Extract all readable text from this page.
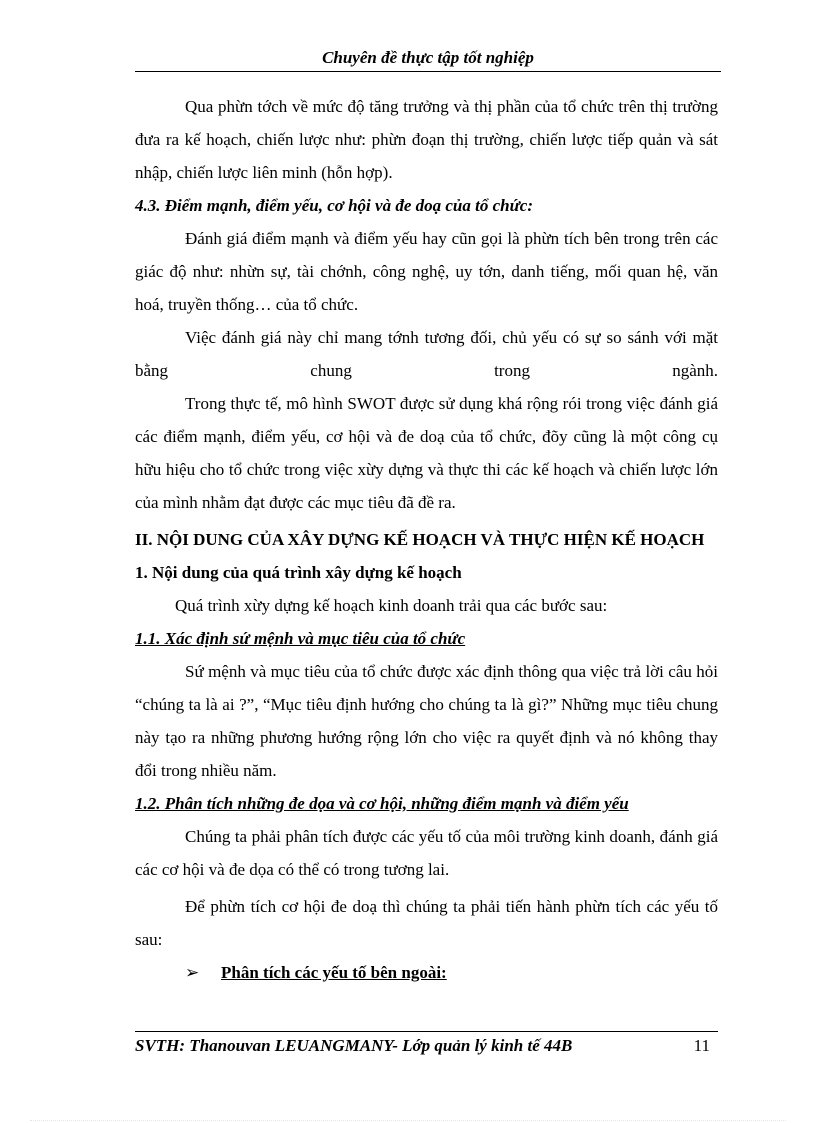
Chuyên đề thực tập tốt nghiệp

Qua phừn tớch về mức độ tăng trưởng và thị phần của tổ chức trên thị trường đưa ra kế hoạch, chiến lược như: phừn đoạn thị trường, chiến lược tiếp quản và sát nhập, chiến lược liên minh (hỗn hợp).

4.3. Điểm mạnh, điểm yếu, cơ hội và đe doạ của tổ chức:

Đánh giá điểm mạnh và điểm yếu hay cũn gọi là phừn tích bên trong trên các giác độ như: nhừn sự, tài chớnh, công nghệ, uy tớn, danh tiếng, mối quan hệ, văn hoá, truyền thống… của tổ chức.

Việc đánh giá này chỉ mang tớnh tương đối, chủ yếu có sự so sánh với mặt bằng chung trong ngành.

Trong thực tế, mô hình SWOT được sử dụng khá rộng rói trong việc đánh giá các điểm mạnh, điểm yếu, cơ hội và đe doạ của tổ chức, đõy cũng là một công cụ hữu hiệu cho tổ chức trong việc xừy dựng và thực thi các kế hoạch và chiến lược lớn của mình nhằm đạt được các mục tiêu đã đề ra.

II. NỘI DUNG CỦA XÂY DỰNG KẾ HOẠCH VÀ THỰC HIỆN KẾ HOẠCH

1. Nội dung của quá trình xây dựng kế hoạch

Quá trình xừy dựng kế hoạch kinh doanh trải qua các bước sau:

1.1. Xác định sứ mệnh và mục tiêu của tổ chức

Sứ mệnh và mục tiêu của tổ chức được xác định thông qua việc trả lời câu hỏi “chúng ta là ai ?”, “Mục tiêu định hướng cho chúng ta là gì?” Những mục tiêu chung này tạo ra những phương hướng rộng lớn cho việc ra quyết định và nó không thay đổi trong nhiều năm.

1.2. Phân tích những đe dọa và cơ hội, những điểm mạnh và điểm yếu

Chúng ta phải phân tích được các yếu tố của môi trường kinh doanh, đánh giá các cơ hội và đe dọa có thể có trong tương lai.

Để phừn tích cơ hội đe doạ thì chúng ta phải tiến hành phừn tích các yếu tố sau:

➢ Phân tích các yếu tố bên ngoài:

SVTH: Thanouvan LEUANGMANY- Lớp quản lý kinh tế 44B	11
